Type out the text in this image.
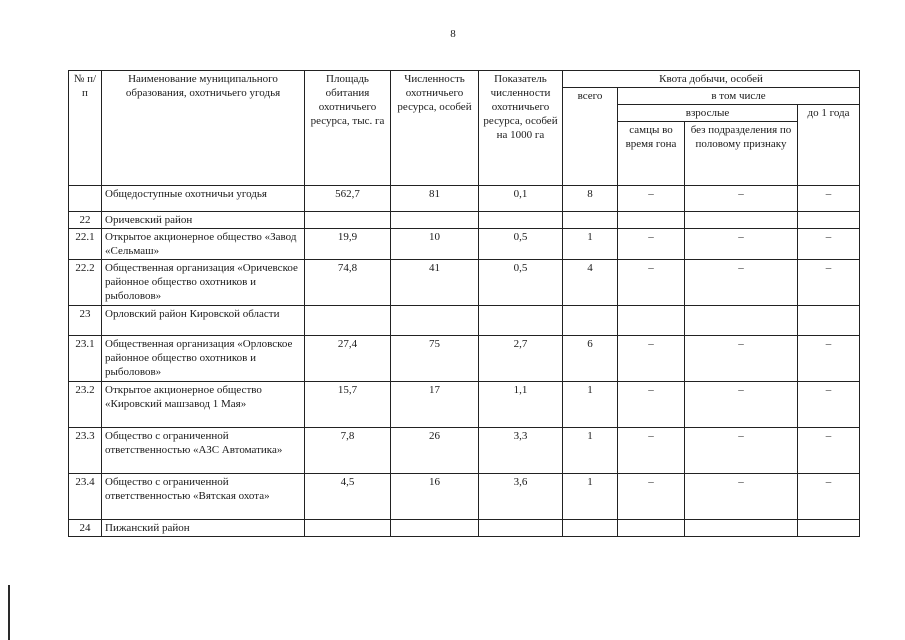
8
№ п/п	Наименование муниципального образования, охотничьего угодья	Площадь обитания охотничьего ресурса, тыс. га	Численность охотничьего ресурса, особей	Показатель численности охотничьего ресурса, особей на 1000 га	Квота добычи, особей			
					всего	в том числе		
						взрослые		до 1 года
						самцы во время гона	без подразделения по половому признаку	
	Общедоступные охотничьи угодья	562,7	81	0,1	8	–	–	–
22	Оричевский район							
22.1	Открытое акционерное общество «Завод «Сельмаш»	19,9	10	0,5	1	–	–	–
22.2	Общественная организация «Оричевское районное общество охотников и рыболовов»	74,8	41	0,5	4	–	–	–
23	Орловский район Кировской области							
23.1	Общественная организация «Орловское районное общество охотников и рыболовов»	27,4	75	2,7	6	–	–	–
23.2	Открытое акционерное общество «Кировский машзавод 1 Мая»	15,7	17	1,1	1	–	–	–
23.3	Общество с ограниченной ответственностью «АЗС Автоматика»	7,8	26	3,3	1	–	–	–
23.4	Общество с ограниченной ответственностью «Вятская охота»	4,5	16	3,6	1	–	–	–
24	Пижанский район							
